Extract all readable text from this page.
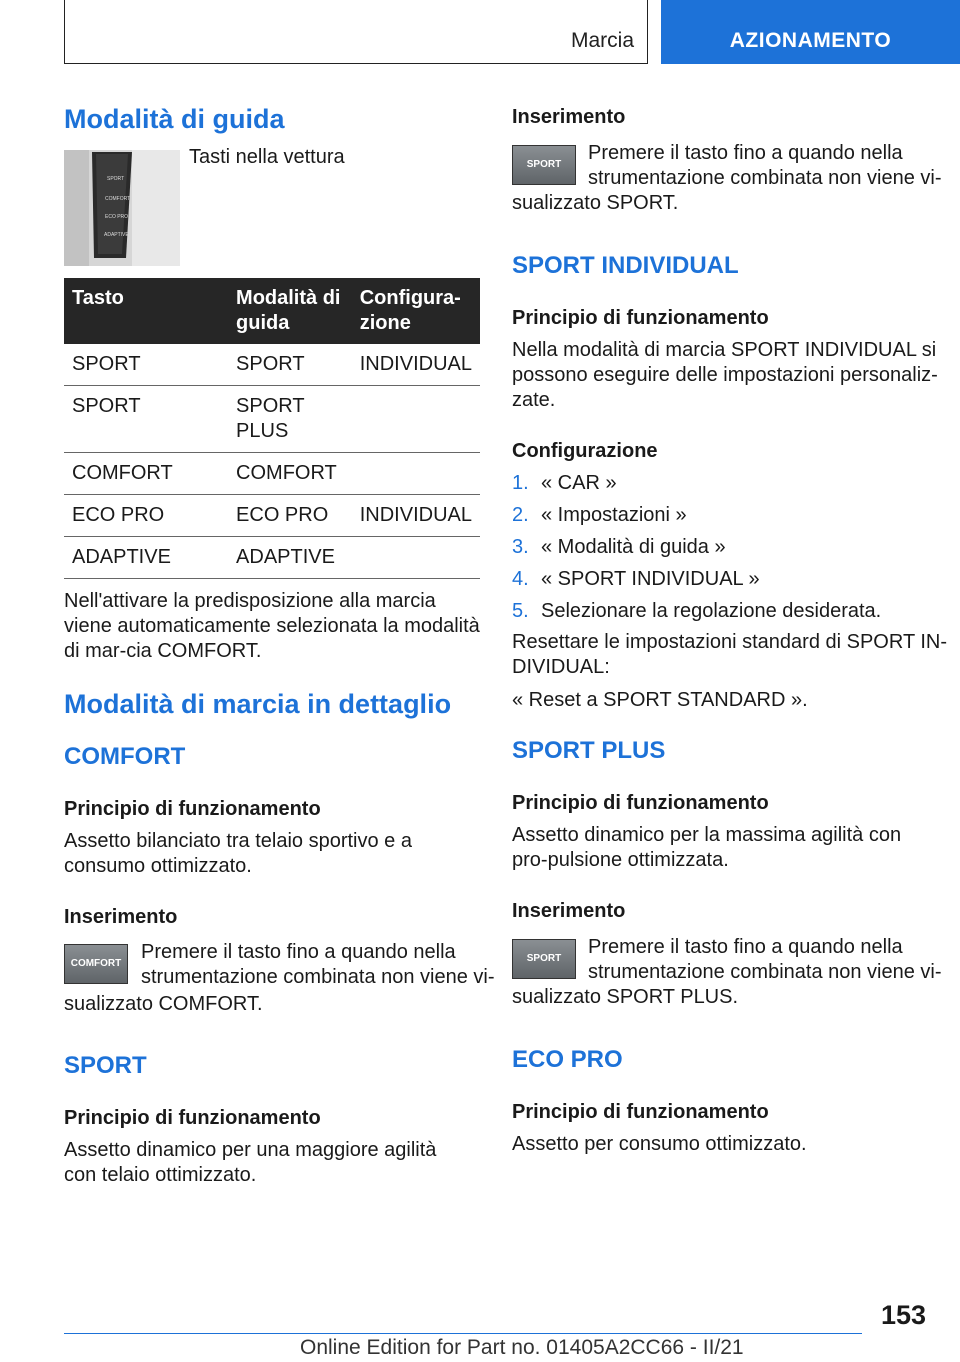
Marcia	AZIONAMENTO
Modalità di guida
SPORT
COMFORT
ECO PRO
ADAPTIVE
Tasti nella vettura
Tasto	Modalità di guida	Configura-zione
SPORT	SPORT	INDIVIDUAL
SPORT	SPORT PLUS	
COMFORT	COMFORT	
ECO PRO	ECO PRO	INDIVIDUAL
ADAPTIVE	ADAPTIVE	
Nell'attivare la predisposizione alla marcia viene automaticamente selezionata la modalità di mar-cia COMFORT.
Modalità di marcia in dettaglio
COMFORT
Principio di funzionamento
Assetto bilanciato tra telaio sportivo e a consumo ottimizzato.
Inserimento
COMFORT
Premere il tasto fino a quando nella
strumentazione combinata non viene vi-
sualizzato COMFORT.
SPORT
Principio di funzionamento
Assetto dinamico per una maggiore agilità con telaio ottimizzato.
Inserimento
SPORT
Premere il tasto fino a quando nella
strumentazione combinata non viene vi-
sualizzato SPORT.
SPORT INDIVIDUAL
Principio di funzionamento
Nella modalità di marcia SPORT INDIVIDUAL si possono eseguire delle impostazioni personaliz-zate.
Configurazione
1. « CAR »
2. « Impostazioni »
3. « Modalità di guida »
4. « SPORT INDIVIDUAL »
5. Selezionare la regolazione desiderata.
Resettare le impostazioni standard di SPORT IN-DIVIDUAL:
« Reset a SPORT STANDARD ».
SPORT PLUS
Principio di funzionamento
Assetto dinamico per la massima agilità con pro-pulsione ottimizzata.
Inserimento
SPORT
Premere il tasto fino a quando nella
strumentazione combinata non viene vi-
sualizzato SPORT PLUS.
ECO PRO
Principio di funzionamento
Assetto per consumo ottimizzato.
153
Online Edition for Part no. 01405A2CC66 - II/21
